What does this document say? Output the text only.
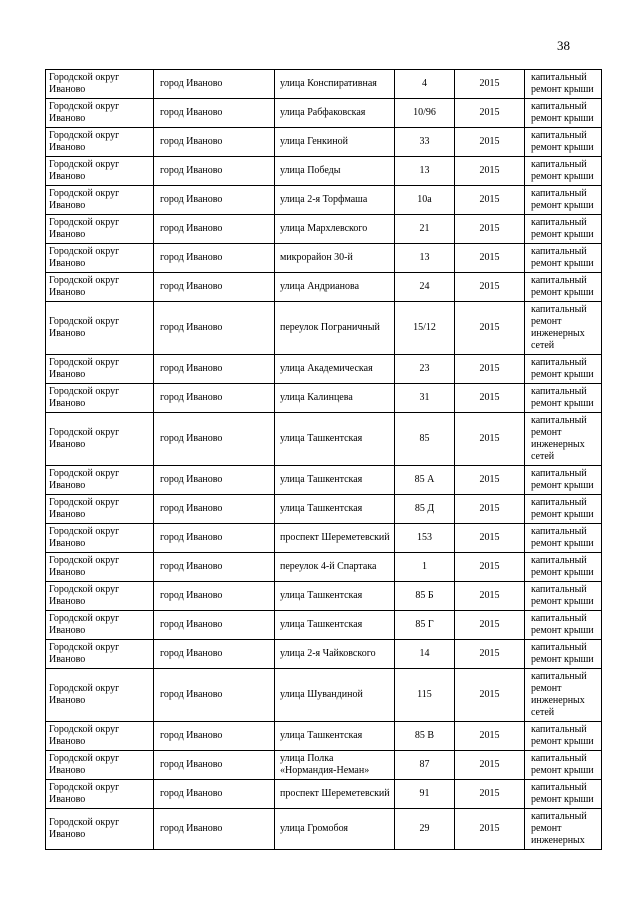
38
Городской округ Иваново	город Иваново	улица Конспиративная	4	2015	капитальный ремонт крыши
Городской округ Иваново	город Иваново	улица Рабфаковская	10/96	2015	капитальный ремонт крыши
Городской округ Иваново	город Иваново	улица Генкиной	33	2015	капитальный ремонт крыши
Городской округ Иваново	город Иваново	улица Победы	13	2015	капитальный ремонт крыши
Городской округ Иваново	город Иваново	улица 2-я Торфмаша	10а	2015	капитальный ремонт крыши
Городской округ Иваново	город Иваново	улица Мархлевского	21	2015	капитальный ремонт крыши
Городской округ Иваново	город Иваново	микрорайон 30-й	13	2015	капитальный ремонт крыши
Городской округ Иваново	город Иваново	улица Андрианова	24	2015	капитальный ремонт крыши
Городской округ Иваново	город Иваново	переулок Пограничный	15/12	2015	капитальный ремонт инженерных сетей
Городской округ Иваново	город Иваново	улица Академическая	23	2015	капитальный ремонт крыши
Городской округ Иваново	город Иваново	улица Калинцева	31	2015	капитальный ремонт крыши
Городской округ Иваново	город Иваново	улица Ташкентская	85	2015	капитальный ремонт инженерных сетей
Городской округ Иваново	город Иваново	улица Ташкентская	85 А	2015	капитальный ремонт крыши
Городской округ Иваново	город Иваново	улица Ташкентская	85 Д	2015	капитальный ремонт крыши
Городской округ Иваново	город Иваново	проспект Шереметевский	153	2015	капитальный ремонт крыши
Городской округ Иваново	город Иваново	переулок 4-й Спартака	1	2015	капитальный ремонт крыши
Городской округ Иваново	город Иваново	улица Ташкентская	85 Б	2015	капитальный ремонт крыши
Городской округ Иваново	город Иваново	улица Ташкентская	85 Г	2015	капитальный ремонт крыши
Городской округ Иваново	город Иваново	улица 2-я Чайковского	14	2015	капитальный ремонт крыши
Городской округ Иваново	город Иваново	улица Шувандиной	115	2015	капитальный ремонт инженерных сетей
Городской округ Иваново	город Иваново	улица Ташкентская	85 В	2015	капитальный ремонт крыши
Городской округ Иваново	город Иваново	улица Полка «Нормандия-Неман»	87	2015	капитальный ремонт крыши
Городской округ Иваново	город Иваново	проспект Шереметевский	91	2015	капитальный ремонт крыши
Городской округ Иваново	город Иваново	улица Громобоя	29	2015	капитальный ремонт инженерных
